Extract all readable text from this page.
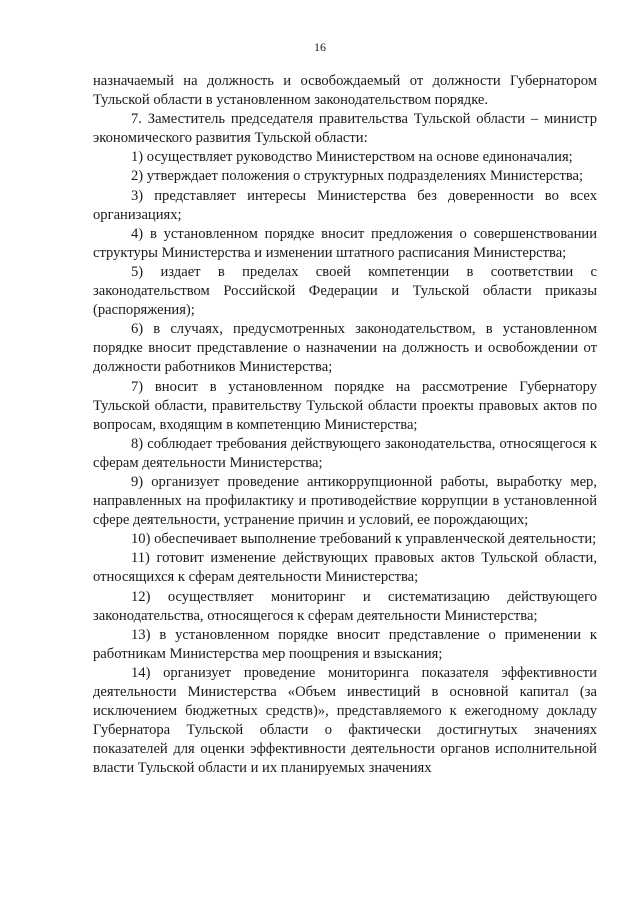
16

назначаемый на должность и освобождаемый от должности Губернатором Тульской области в установленном законодательством порядке.

7. Заместитель председателя правительства Тульской области – министр экономического развития Тульской области:

1) осуществляет руководство Министерством на основе единоначалия;

2) утверждает положения о структурных подразделениях Министерства;

3) представляет интересы Министерства без доверенности во всех организациях;

4) в установленном порядке вносит предложения о совершенствовании структуры Министерства и изменении штатного расписания Министерства;

5) издает в пределах своей компетенции в соответствии с законодательством Российской Федерации и Тульской области приказы (распоряжения);

6) в случаях, предусмотренных законодательством, в установленном порядке вносит представление о назначении на должность и освобождении от должности работников Министерства;

7) вносит в установленном порядке на рассмотрение Губернатору Тульской области, правительству Тульской области проекты правовых актов по вопросам, входящим в компетенцию Министерства;

8) соблюдает требования действующего законодательства, относящегося к сферам деятельности Министерства;

9) организует проведение антикоррупционной работы, выработку мер, направленных на профилактику и противодействие коррупции в установленной сфере деятельности, устранение причин и условий, ее порождающих;

10) обеспечивает выполнение требований к управленческой деятельности;

11) готовит изменение действующих правовых актов Тульской области, относящихся к сферам деятельности Министерства;

12) осуществляет мониторинг и систематизацию действующего законодательства, относящегося к сферам деятельности Министерства;

13) в установленном порядке вносит представление о применении к работникам Министерства мер поощрения и взыскания;

14) организует проведение мониторинга показателя эффективности деятельности Министерства «Объем инвестиций в основной капитал (за исключением бюджетных средств)», представляемого к ежегодному докладу Губернатора Тульской области о фактически достигнутых значениях показателей для оценки эффективности деятельности органов исполнительной власти Тульской области и их планируемых значениях
